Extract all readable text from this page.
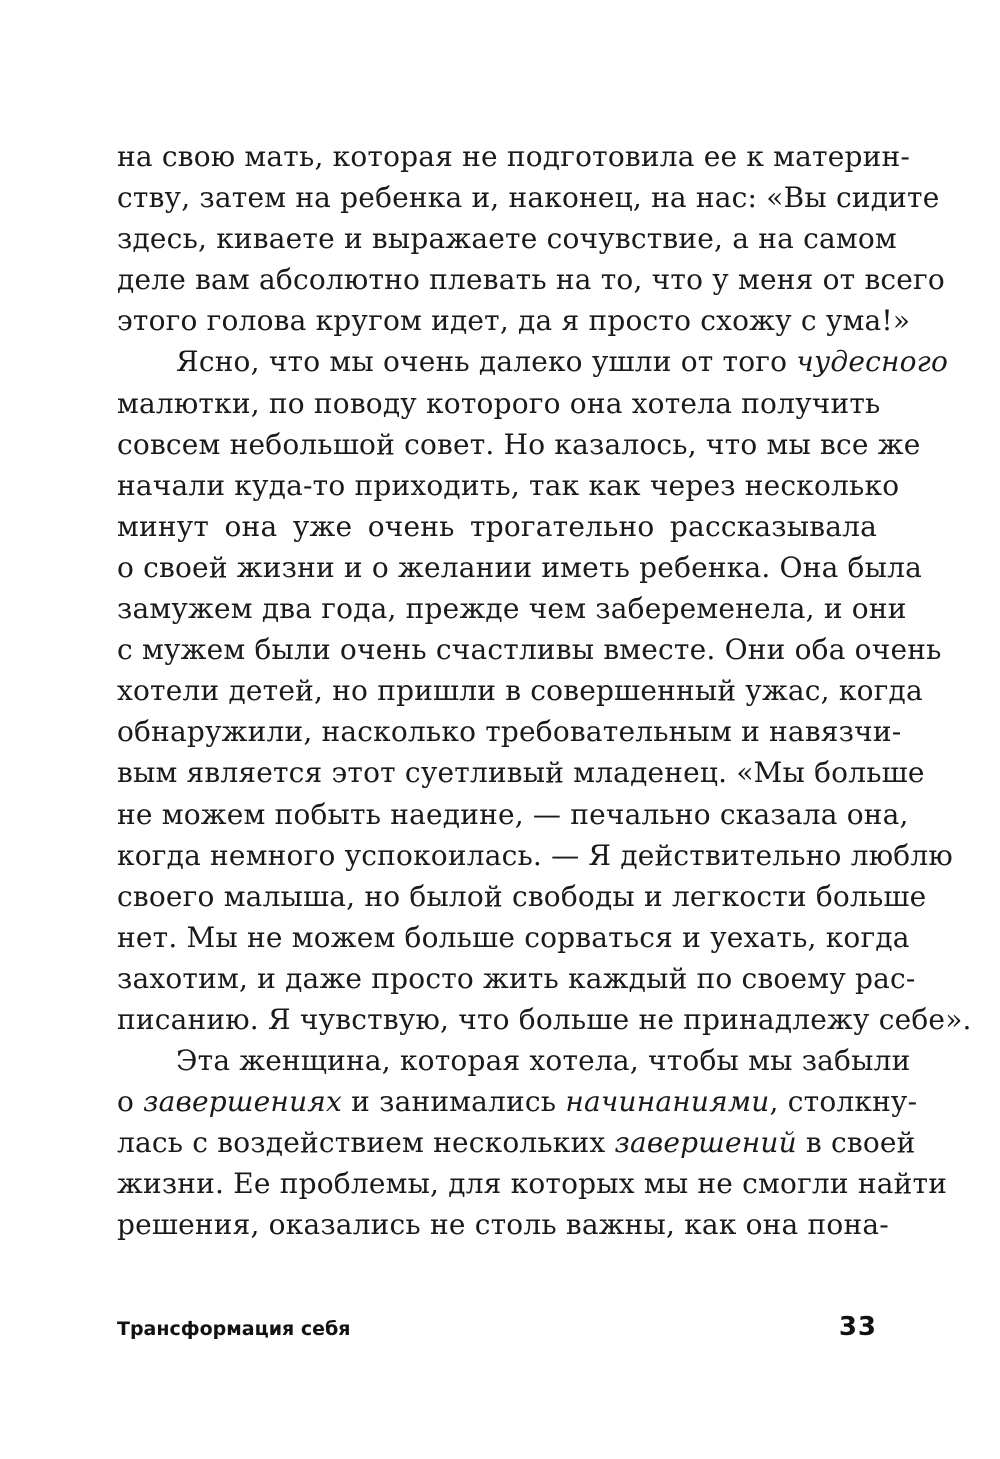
на свою мать, которая не подготовила ее к материн-
ству, затем на ребенка и, наконец, на нас: «Вы сидите
здесь, киваете и выражаете сочувствие, а на самом
деле вам абсолютно плевать на то, что у меня от всего
этого голова кругом идет, да я просто схожу с ума!»
Ясно, что мы очень далеко ушли от того чудесного
малютки, по поводу которого она хотела получить
совсем небольшой совет. Но казалось, что мы все же
начали куда-то приходить, так как через несколько
минут она уже очень трогательно рассказывала
о своей жизни и о желании иметь ребенка. Она была
замужем два года, прежде чем забеременела, и они
с мужем были очень счастливы вместе. Они оба очень
хотели детей, но пришли в совершенный ужас, когда
обнаружили, насколько требовательным и навязчи-
вым является этот суетливый младенец. «Мы больше
не можем побыть наедине, — печально сказала она,
когда немного успокоилась. — Я действительно люблю
своего малыша, но былой свободы и легкости больше
нет. Мы не можем больше сорваться и уехать, когда
захотим, и даже просто жить каждый по своему рас-
писанию. Я чувствую, что больше не принадлежу себе».
Эта женщина, которая хотела, чтобы мы забыли
о завершениях и занимались начинаниями, столкну-
лась с воздействием нескольких завершений в своей
жизни. Ее проблемы, для которых мы не смогли найти
решения, оказались не столь важны, как она пона-
Трансформация себя	33
